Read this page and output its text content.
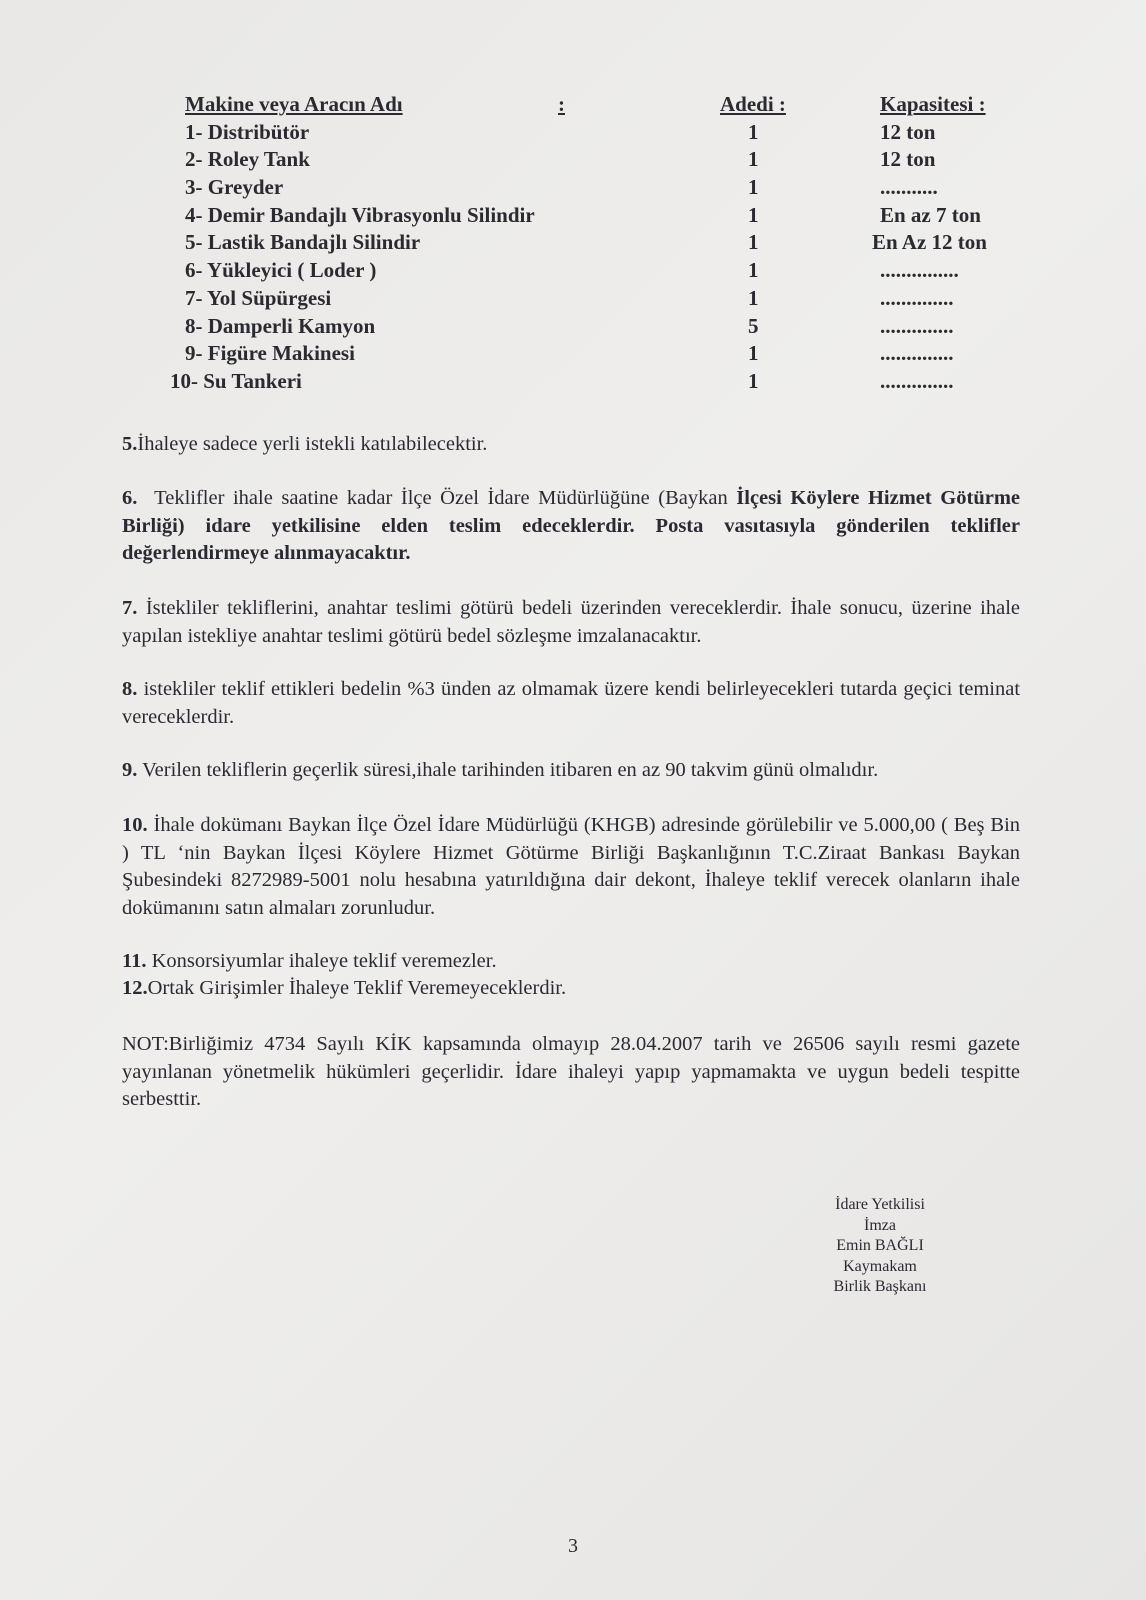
Makine veya Aracın Adı	:	Adedi :	Kapasitesi :
1- Distribütör	1	12 ton
2- Roley Tank	1	12 ton
3- Greyder	1	...........
4- Demir Bandajlı Vibrasyonlu Silindir	1	En az 7 ton
5- Lastik Bandajlı Silindir	1	En Az 12 ton
6- Yükleyici ( Loder )	1	...............
7- Yol Süpürgesi	1	..............
8- Damperli Kamyon	5	..............
9- Figüre Makinesi	1	..............
10- Su Tankeri	1	..............
5.İhaleye sadece yerli istekli katılabilecektir.
6. Teklifler ihale saatine kadar İlçe Özel İdare Müdürlüğüne (Baykan İlçesi Köylere Hizmet Götürme Birliği) idare yetkilisine elden teslim edeceklerdir. Posta vasıtasıyla gönderilen teklifler değerlendirmeye alınmayacaktır.
7. İstekliler tekliflerini, anahtar teslimi götürü bedeli üzerinden vereceklerdir. İhale sonucu, üzerine ihale yapılan istekliye anahtar teslimi götürü bedel sözleşme imzalanacaktır.
8. istekliler teklif ettikleri bedelin %3 ünden az olmamak üzere kendi belirleyecekleri tutarda geçici teminat vereceklerdir.
9. Verilen tekliflerin geçerlik süresi,ihale tarihinden itibaren en az 90 takvim günü olmalıdır.
10. İhale dokümanı Baykan İlçe Özel İdare Müdürlüğü (KHGB) adresinde görülebilir ve 5.000,00 ( Beş Bin ) TL ‘nin Baykan İlçesi Köylere Hizmet Götürme Birliği Başkanlığının T.C.Ziraat Bankası Baykan Şubesindeki 8272989-5001 nolu hesabına yatırıldığına dair dekont, İhaleye teklif verecek olanların ihale dokümanını satın almaları zorunludur.
11. Konsorsiyumlar ihaleye teklif veremezler.
12.Ortak Girişimler İhaleye Teklif Veremeyeceklerdir.
NOT:Birliğimiz 4734 Sayılı KİK kapsamında olmayıp 28.04.2007 tarih ve 26506 sayılı resmi gazete yayınlanan yönetmelik hükümleri geçerlidir. İdare ihaleyi yapıp yapmamakta ve uygun bedeli tespitte serbesttir.
İdare Yetkilisi
İmza
Emin BAĞLI
Kaymakam
Birlik Başkanı
3
